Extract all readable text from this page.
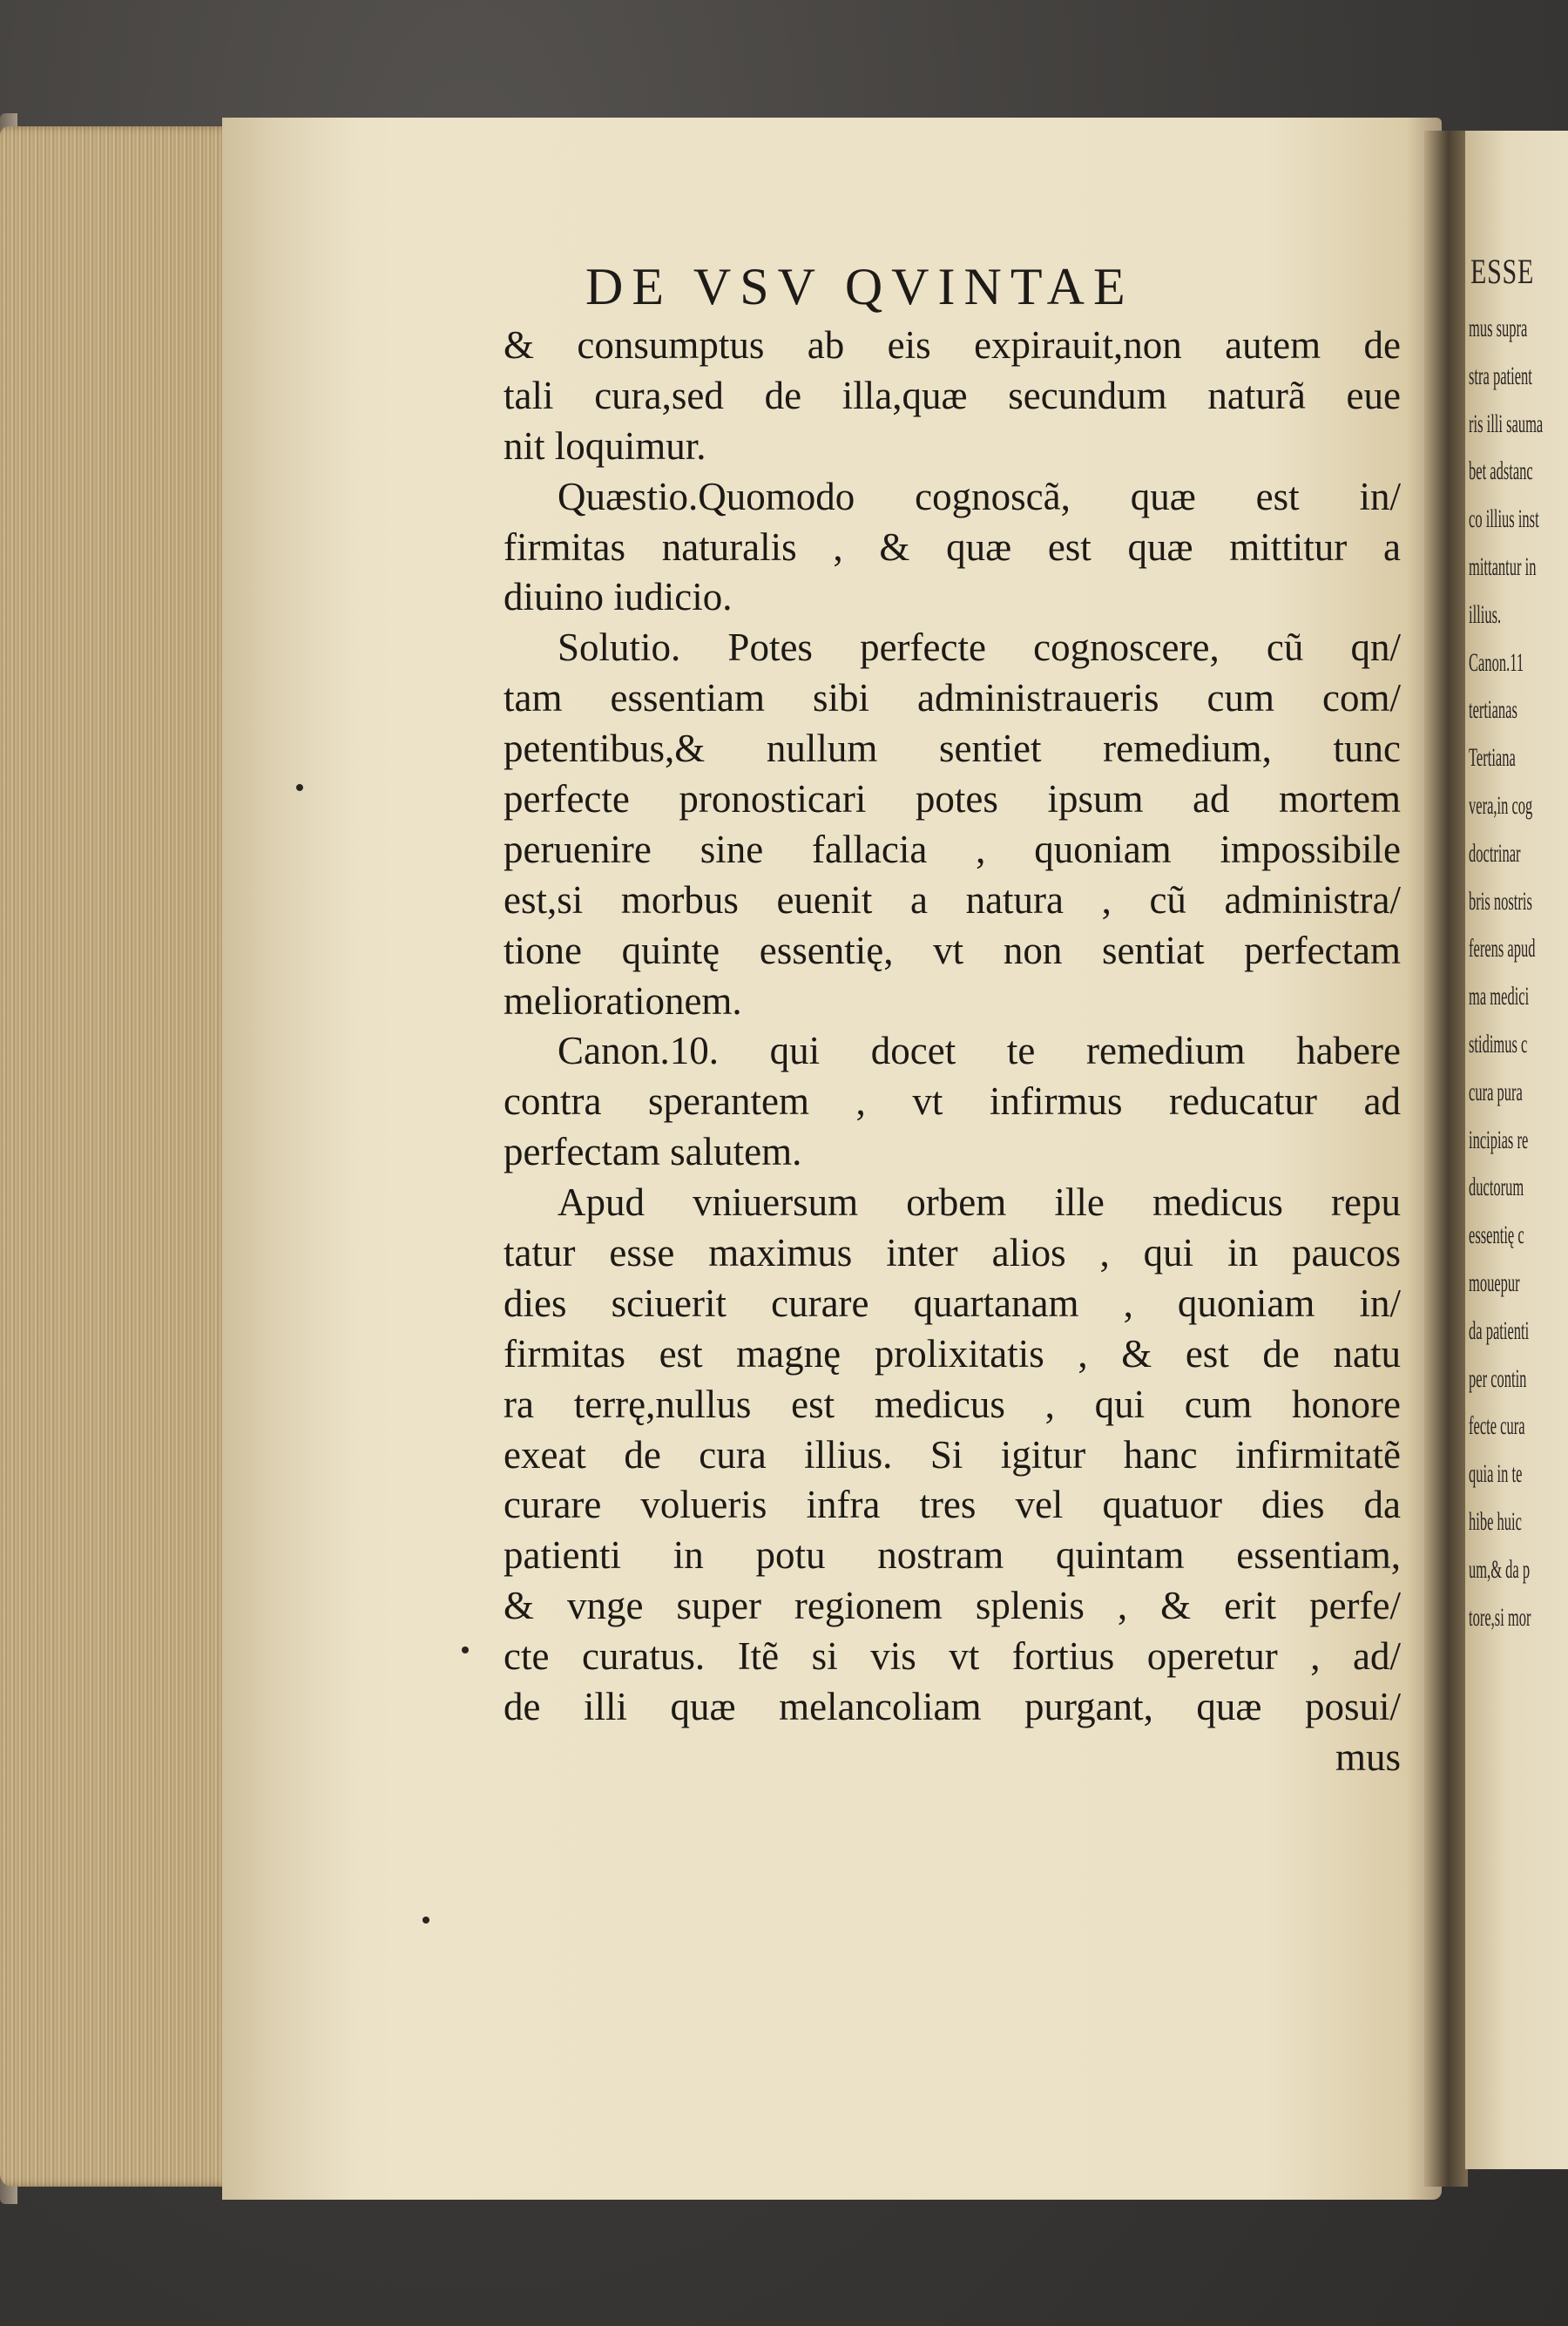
ESSE
mus supra
stra patient
ris illi sauma
bet adstanc
co illius inst
mittantur in
illius.
Canon.11
tertianas
Tertiana
vera,in cog
doctrinar
bris nostris
ferens apud
ma medici
stidimus c
cura pura
incipias re
ductorum
essentię c
mouepur
da patienti
per contin
fecte cura
quia in te
hibe huic
um,& da p
tore,si mor
DE VSV QVINTAE
& consumptus ab eis expirauit,non autem de
tali cura,sed de illa,quæ secundum naturã eue
nit loquimur.
Quæstio.Quomodo cognoscã, quæ est in/
firmitas naturalis , & quæ est quæ mittitur a
diuino iudicio.
Solutio. Potes perfecte cognoscere, cũ qn/
tam essentiam sibi administraueris cum com/
petentibus,& nullum sentiet remedium, tunc
perfecte pronosticari potes ipsum ad mortem
peruenire sine fallacia , quoniam impossibile
est,si morbus euenit a natura , cũ administra/
tione quintę essentię, vt non sentiat perfectam
meliorationem.
Canon.10. qui docet te remedium habere
contra sperantem , vt infirmus reducatur ad
perfectam salutem.
Apud vniuersum orbem ille medicus repu
tatur esse maximus inter alios , qui in paucos
dies sciuerit curare quartanam , quoniam in/
firmitas est magnę prolixitatis , & est de natu
ra terrę,nullus est medicus , qui cum honore
exeat de cura illius. Si igitur hanc infirmitatẽ
curare volueris infra tres vel quatuor dies da
patienti in potu nostram quintam essentiam,
& vnge super regionem splenis , & erit perfe/
cte curatus. Itẽ si vis vt fortius operetur , ad/
de illi quæ melancoliam purgant, quæ posui/
mus
